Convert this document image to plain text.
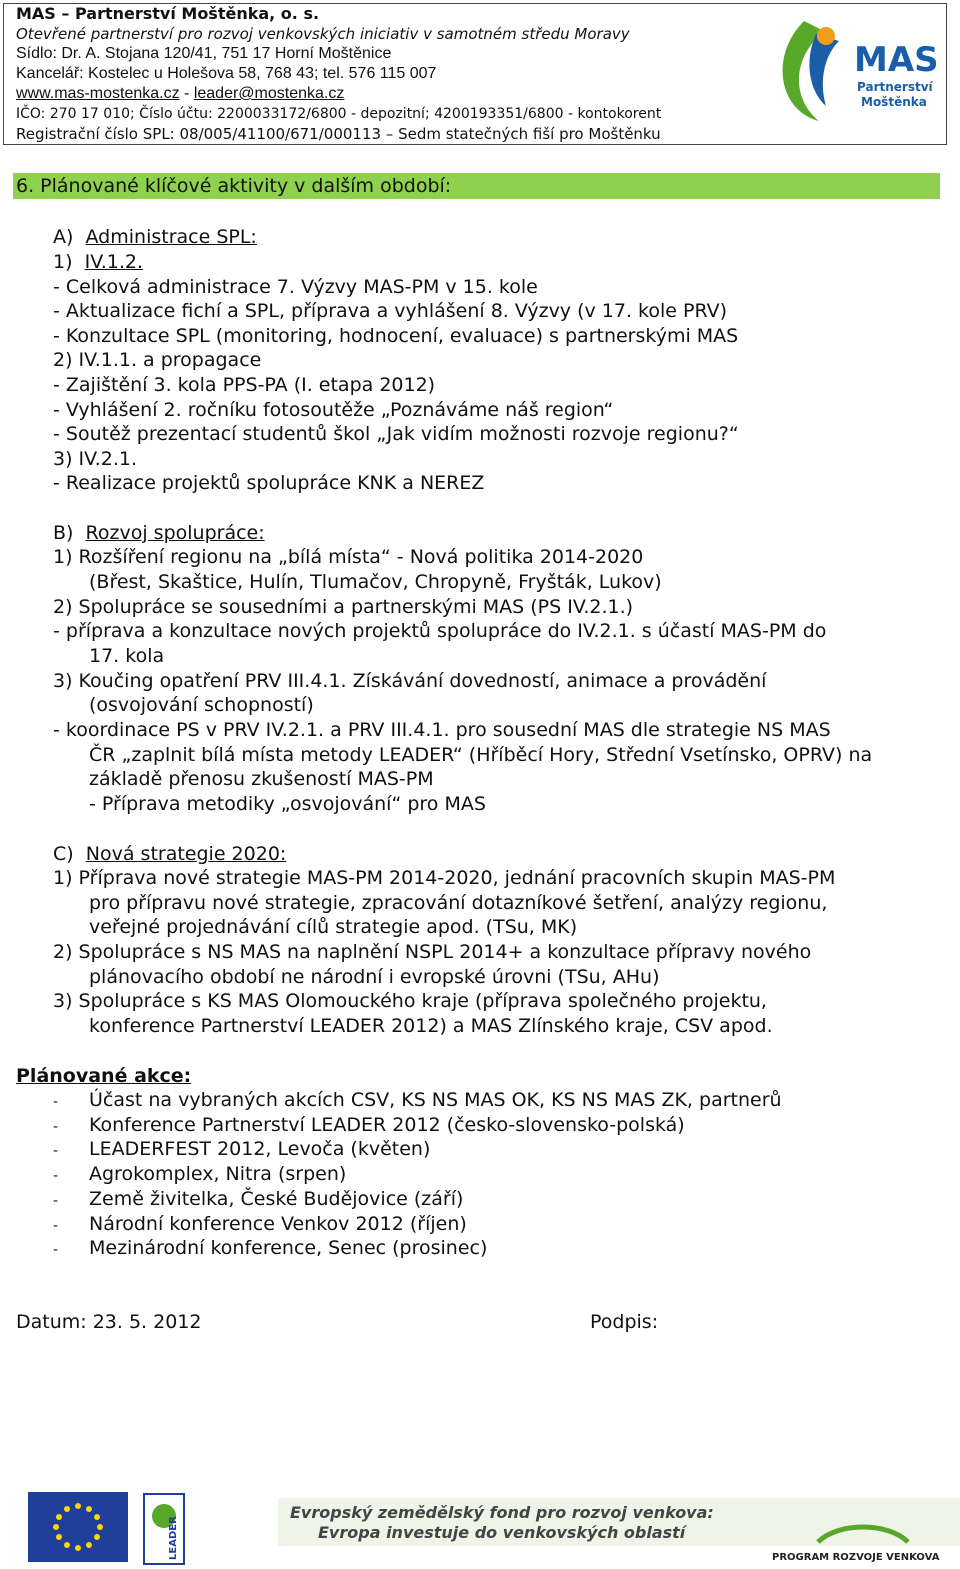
MAS – Partnerství Moštěnka, o. s.
Otevřené partnerství pro rozvoj venkovských iniciativ v samotném středu Moravy
Sídlo: Dr. A. Stojana 120/41, 751 17 Horní Moštěnice
Kancelář: Kostelec u Holešova 58, 768 43; tel. 576 115 007
www.mas-mostenka.cz - leader@mostenka.cz
IČO: 270 17 010; Číslo účtu: 2200033172/6800 - depozitní; 4200193351/6800 - kontokorent
Registrační číslo SPL: 08/005/41100/671/000113 – Sedm statečných fiší pro Moštěnku
MAS
Partnerství
Moštěnka
6. Plánované klíčové aktivity v dalším období:
A) Administrace SPL:
1) IV.1.2.
- Celková administrace 7. Výzvy MAS-PM v 15. kole
- Aktualizace fichí a SPL, příprava a vyhlášení 8. Výzvy (v 17. kole PRV)
- Konzultace SPL (monitoring, hodnocení, evaluace) s partnerskými MAS
2) IV.1.1. a propagace
- Zajištění 3. kola PPS-PA (I. etapa 2012)
- Vyhlášení 2. ročníku fotosoutěže „Poznáváme náš region“
- Soutěž prezentací studentů škol „Jak vidím možnosti rozvoje regionu?“
3) IV.2.1.
- Realizace projektů spolupráce KNK a NEREZ
B) Rozvoj spolupráce:
1) Rozšíření regionu na „bílá místa“ - Nová politika 2014-2020
(Břest, Skaštice, Hulín, Tlumačov, Chropyně, Fryšták, Lukov)
2) Spolupráce se sousedními a partnerskými MAS (PS IV.2.1.)
- příprava a konzultace nových projektů spolupráce do IV.2.1. s účastí MAS-PM do
17. kola
3) Koučing opatření PRV III.4.1. Získávání dovedností, animace a provádění
(osvojování schopností)
- koordinace PS v PRV IV.2.1. a PRV III.4.1. pro sousední MAS dle strategie NS MAS
ČR „zaplnit bílá místa metody LEADER“ (Hříběcí Hory, Střední Vsetínsko, OPRV) na
základě přenosu zkušeností MAS-PM
- Příprava metodiky „osvojování“ pro MAS
C) Nová strategie 2020:
1) Příprava nové strategie MAS-PM 2014-2020, jednání pracovních skupin MAS-PM
pro přípravu nové strategie, zpracování dotazníkové šetření, analýzy regionu,
veřejné projednávání cílů strategie apod. (TSu, MK)
2) Spolupráce s NS MAS na naplnění NSPL 2014+ a konzultace přípravy nového
plánovacího období ne národní i evropské úrovni (TSu, AHu)
3) Spolupráce s KS MAS Olomouckého kraje (příprava společného projektu,
konference Partnerství LEADER 2012) a MAS Zlínského kraje, CSV apod.
Plánované akce:
- Účast na vybraných akcích CSV, KS NS MAS OK, KS NS MAS ZK, partnerů
- Konference Partnerství LEADER 2012 (česko-slovensko-polská)
- LEADERFEST 2012, Levoča (květen)
- Agrokomplex, Nitra (srpen)
- Země živitelka, České Budějovice (září)
- Národní konference Venkov 2012 (říjen)
- Mezinárodní konference, Senec (prosinec)
Datum: 23. 5. 2012	Podpis:
LEADER
Evropský zemědělský fond pro rozvoj venkova:
Evropa investuje do venkovských oblastí
PROGRAM ROZVOJE VENKOVA
